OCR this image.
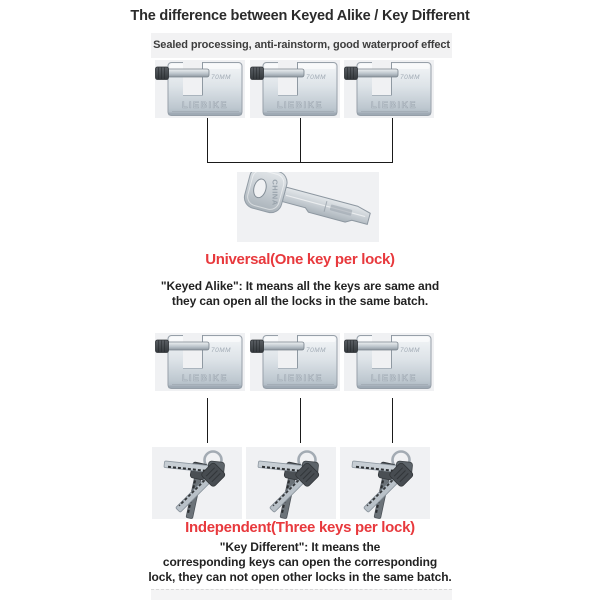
The difference between Keyed Alike / Key Different
Sealed processing, anti-rainstorm, good waterproof effect
70MM
LIEBIKE
70MM
LIEBIKE
70MM
LIEBIKE
CHINA
Universal(One key per lock)
"Keyed Alike": It means all the keys are same and
they can open all the locks in the same batch.
70MM
LIEBIKE
70MM
LIEBIKE
70MM
LIEBIKE
Independent(Three keys per lock)
"Key Different": It means the
corresponding keys can open the corresponding
lock, they can not open other locks in the same batch.
